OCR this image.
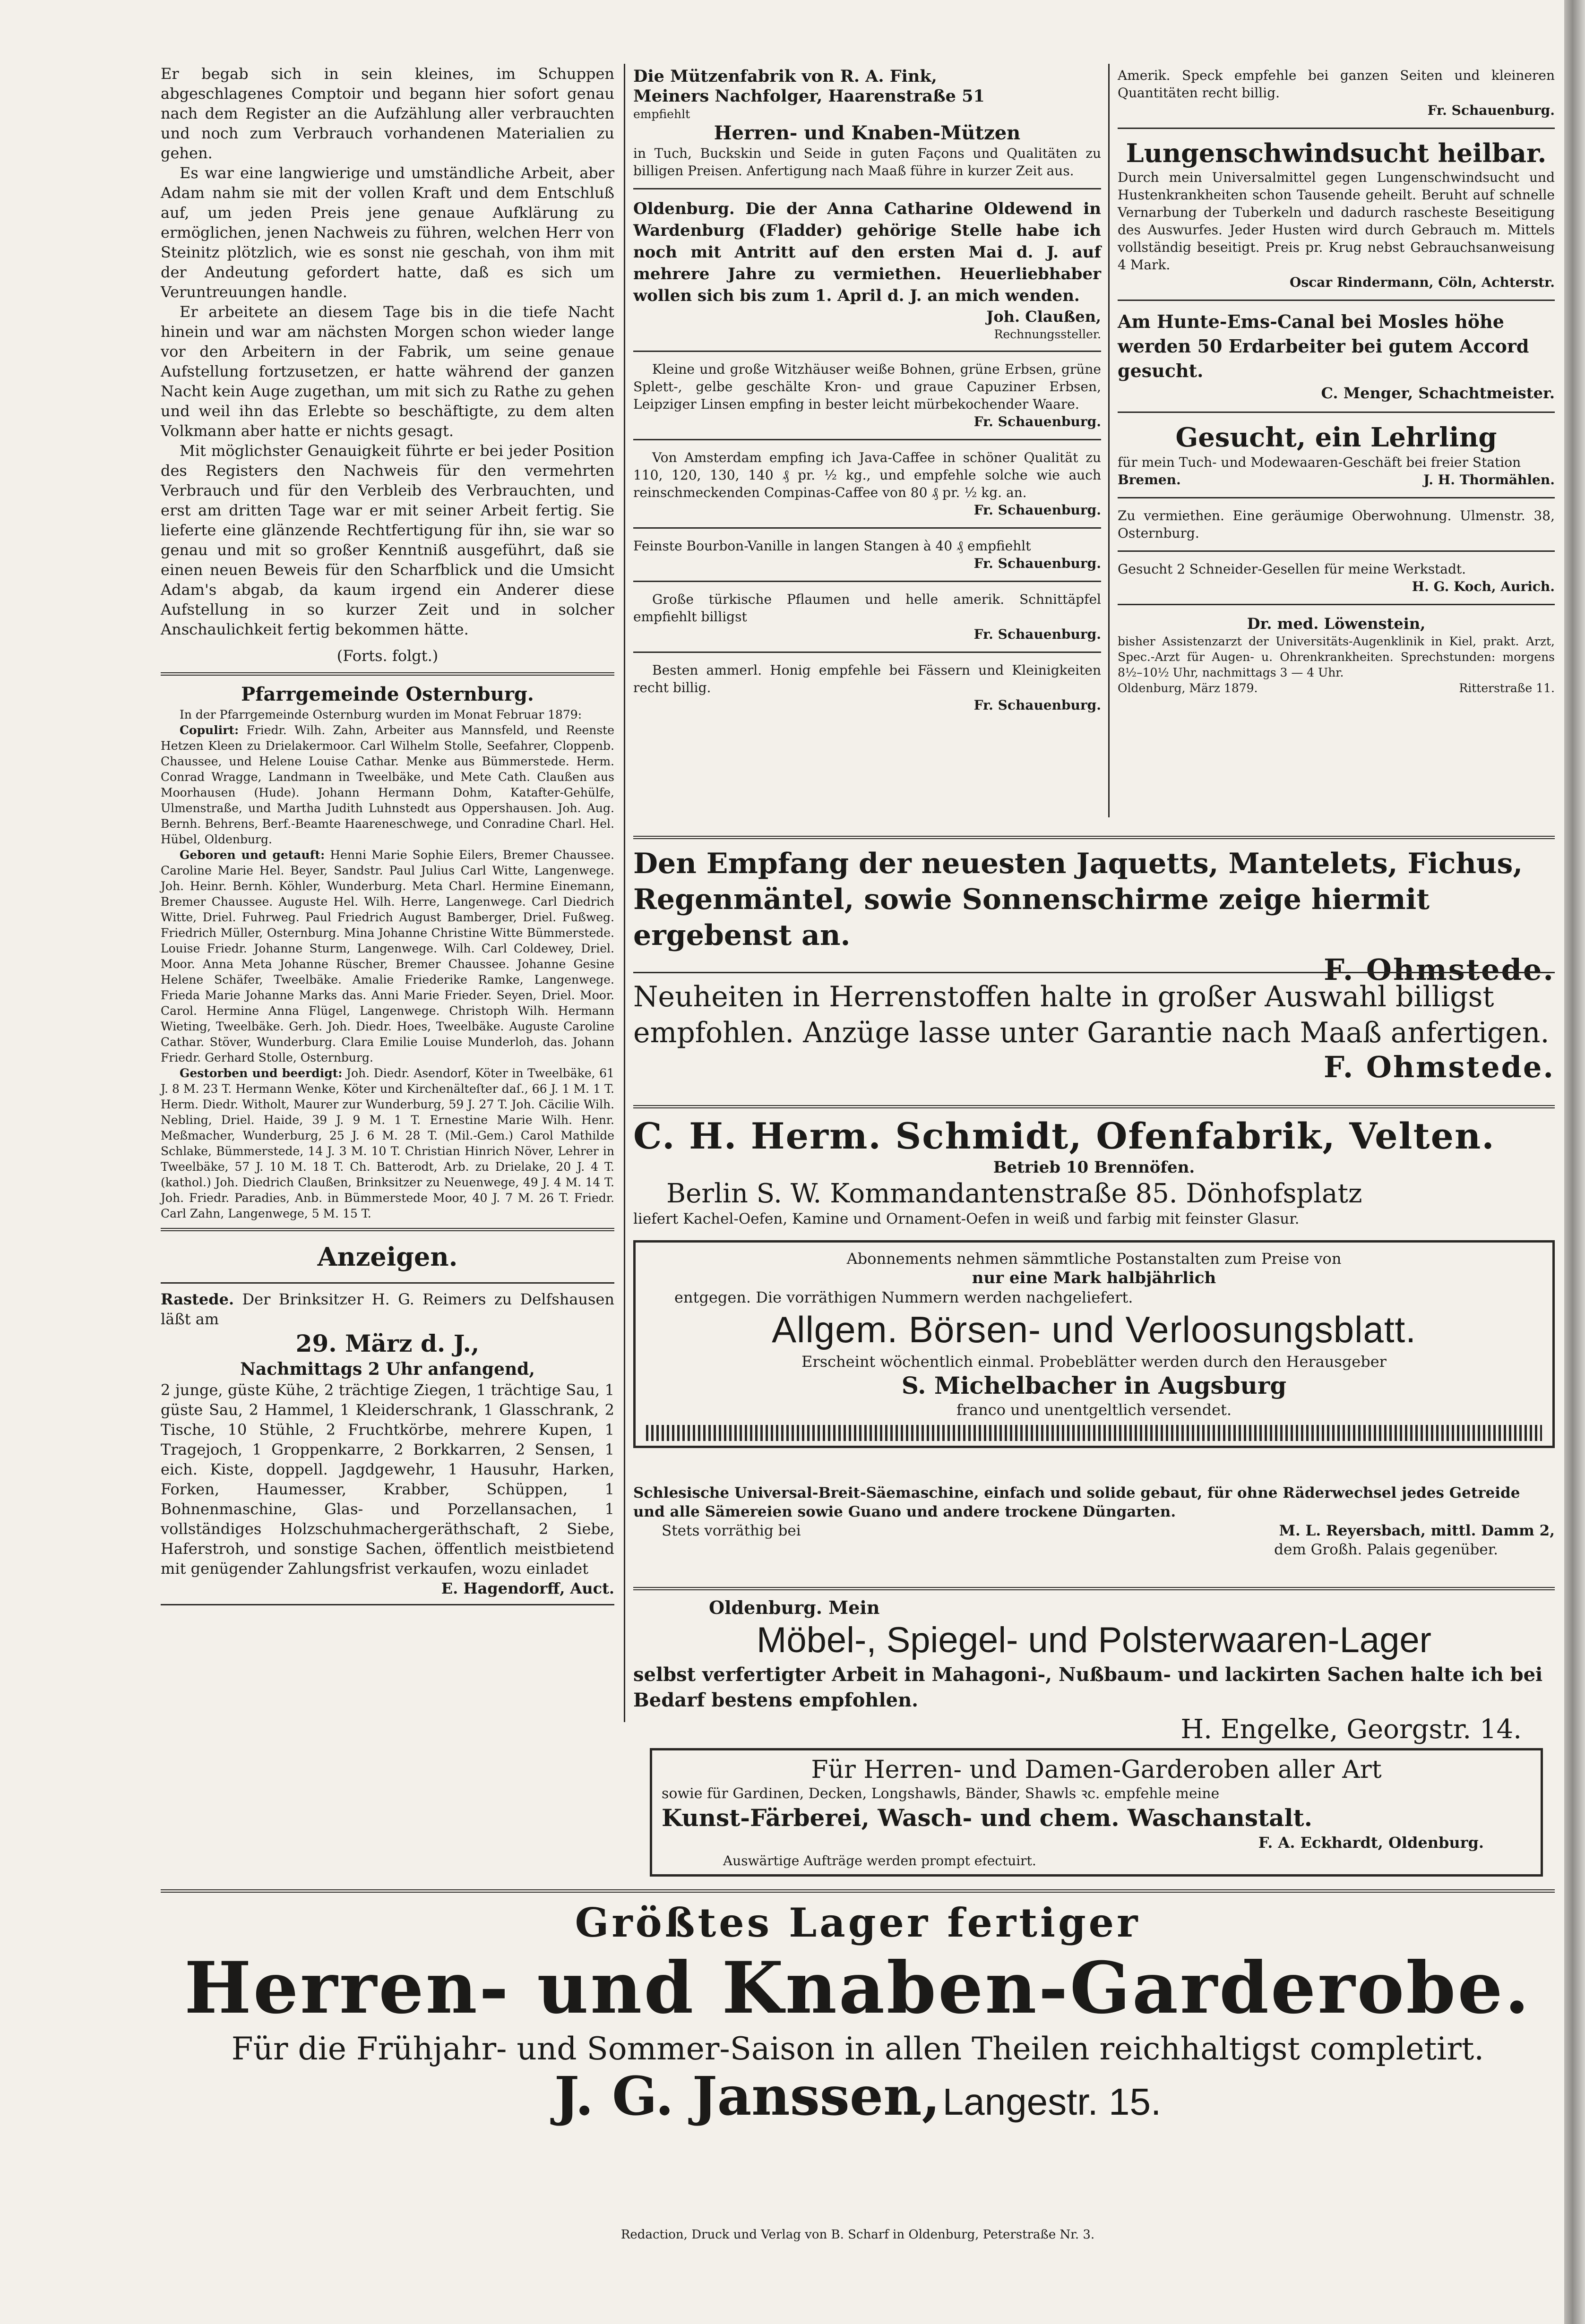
Er begab sich in sein kleines, im Schuppen abgeschlagenes Comptoir und begann hier sofort genau nach dem Register an die Aufzählung aller verbrauchten und noch zum Verbrauch vorhandenen Materialien zu gehen.

Es war eine langwierige und umständliche Arbeit, aber Adam nahm sie mit der vollen Kraft und dem Entschluß auf, um jeden Preis jene genaue Aufklärung zu ermöglichen, jenen Nachweis zu führen, welchen Herr von Steinitz plötzlich, wie es sonst nie geschah, von ihm mit der Andeutung gefordert hatte, daß es sich um Veruntreuungen handle.

Er arbeitete an diesem Tage bis in die tiefe Nacht hinein und war am nächsten Morgen schon wieder lange vor den Arbeitern in der Fabrik, um seine genaue Aufstellung fortzusetzen, er hatte während der ganzen Nacht kein Auge zugethan, um mit sich zu Rathe zu gehen und weil ihn das Erlebte so beschäftigte, zu dem alten Volkmann aber hatte er nichts gesagt.

Mit möglichster Genauigkeit führte er bei jeder Position des Registers den Nachweis für den vermehrten Verbrauch und für den Verbleib des Verbrauchten, und erst am dritten Tage war er mit seiner Arbeit fertig. Sie lieferte eine glänzende Rechtfertigung für ihn, sie war so genau und mit so großer Kenntniß ausgeführt, daß sie einen neuen Beweis für den Scharfblick und die Umsicht Adam's abgab, da kaum irgend ein Anderer diese Aufstellung in so kurzer Zeit und in solcher Anschaulichkeit fertig bekommen hätte.

(Forts. folgt.)

Pfarrgemeinde Osternburg.

In der Pfarrgemeinde Osternburg wurden im Monat Februar 1879:

Copulirt: Friedr. Wilh. Zahn, Arbeiter aus Mannsfeld, und Reenste Hetzen Kleen zu Drielakermoor. Carl Wilhelm Stolle, Seefahrer, Cloppenb. Chaussee, und Helene Louise Cathar. Menke aus Bümmerstede. Herm. Conrad Wragge, Landmann in Tweelbäke, und Mete Cath. Claußen aus Moorhausen (Hude). Johann Hermann Dohm, Katafter-Gehülfe, Ulmenstraße, und Martha Judith Luhnstedt aus Oppershausen. Joh. Aug. Bernh. Behrens, Berf.-Beamte Haareneschwege, und Conradine Charl. Hel. Hübel, Oldenburg.

Geboren und getauft: Henni Marie Sophie Eilers, Bremer Chaussee. Caroline Marie Hel. Beyer, Sandstr. Paul Julius Carl Witte, Langenwege. Joh. Heinr. Bernh. Köhler, Wunderburg. Meta Charl. Hermine Einemann, Bremer Chaussee. Auguste Hel. Wilh. Herre, Langenwege. Carl Diedrich Witte, Driel. Fuhrweg. Paul Friedrich August Bamberger, Driel. Fußweg. Friedrich Müller, Osternburg. Mina Johanne Christine Witte Bümmerstede. Louise Friedr. Johanne Sturm, Langenwege. Wilh. Carl Coldewey, Driel. Moor. Anna Meta Johanne Rüscher, Bremer Chaussee. Johanne Gesine Helene Schäfer, Tweelbäke. Amalie Friederike Ramke, Langenwege. Frieda Marie Johanne Marks das. Anni Marie Frieder. Seyen, Driel. Moor. Carol. Hermine Anna Flügel, Langenwege. Christoph Wilh. Hermann Wieting, Tweelbäke. Gerh. Joh. Diedr. Hoes, Tweelbäke. Auguste Caroline Cathar. Stöver, Wunderburg. Clara Emilie Louise Munderloh, das. Johann Friedr. Gerhard Stolle, Osternburg.

Gestorben und beerdigt: Joh. Diedr. Asendorf, Köter in Tweelbäke, 61 J. 8 M. 23 T. Hermann Wenke, Köter und Kirchenälteſter daſ., 66 J. 1 M. 1 T. Herm. Diedr. Witholt, Maurer zur Wunderburg, 59 J. 27 T. Joh. Cäcilie Wilh. Nebling, Driel. Haide, 39 J. 9 M. 1 T. Ernestine Marie Wilh. Henr. Meßmacher, Wunderburg, 25 J. 6 M. 28 T. (Mil.-Gem.) Carol Mathilde Schlake, Bümmerstede, 14 J. 3 M. 10 T. Christian Hinrich Növer, Lehrer in Tweelbäke, 57 J. 10 M. 18 T. Ch. Batterodt, Arb. zu Drielake, 20 J. 4 T. (kathol.) Joh. Diedrich Claußen, Brinksitzer zu Neuenwege, 49 J. 4 M. 14 T. Joh. Friedr. Paradies, Anb. in Bümmerstede Moor, 40 J. 7 M. 26 T. Friedr. Carl Zahn, Langenwege, 5 M. 15 T.

Anzeigen.

Rastede. Der Brinksitzer H. G. Reimers zu Delfshausen läßt am

29. März d. J.,
Nachmittags 2 Uhr anfangend,

2 junge, güste Kühe, 2 trächtige Ziegen, 1 trächtige Sau, 1 güste Sau, 2 Hammel, 1 Kleiderschrank, 1 Glasschrank, 2 Tische, 10 Stühle, 2 Fruchtkörbe, mehrere Kupen, 1 Tragejoch, 1 Groppenkarre, 2 Borkkarren, 2 Sensen, 1 eich. Kiste, doppell. Jagdgewehr, 1 Hausuhr, Harken, Forken, Haumesser, Krabber, Schüppen, 1 Bohnenmaschine, Glas- und Porzellansachen, 1 vollständiges Holzschuhmachergeräthschaft, 2 Siebe, Haferstroh, und sonstige Sachen, öffentlich meistbietend mit genügender Zahlungsfrist verkaufen, wozu einladet

E. Hagendorff, Auct.

Die Mützenfabrik von R. A. Fink,

Meiners Nachfolger, Haarenstraße 51

empfiehlt

Herren- und Knaben-Mützen

in Tuch, Buckskin und Seide in guten Façons und Qualitäten zu billigen Preisen. Anfertigung nach Maaß führe in kurzer Zeit aus.

Oldenburg. Die der Anna Catharine Oldewend in Wardenburg (Fladder) gehörige Stelle habe ich noch mit Antritt auf den ersten Mai d. J. auf mehrere Jahre zu vermiethen. Heuerliebhaber wollen sich bis zum 1. April d. J. an mich wenden.

Joh. Claußen,

Rechnungssteller.

Kleine und große Witzhäuser weiße Bohnen, grüne Erbsen, grüne Splett-, gelbe geschälte Kron- und graue Capuziner Erbsen, Leipziger Linsen empfing in bester leicht mürbekochender Waare.

Fr. Schauenburg.

Von Amsterdam empfing ich Java-Caffee in schöner Qualität zu 110, 120, 130, 140 ₰ pr. ½ kg., und empfehle solche wie auch reinschmeckenden Compinas-Caffee von 80 ₰ pr. ½ kg. an.

Fr. Schauenburg.

Feinste Bourbon-Vanille in langen Stangen à 40 ₰ empfiehlt

Fr. Schauenburg.

Große türkische Pflaumen und helle amerik. Schnittäpfel empfiehlt billigst

Fr. Schauenburg.

Besten ammerl. Honig empfehle bei Fässern und Kleinigkeiten recht billig.

Fr. Schauenburg.

Amerik. Speck empfehle bei ganzen Seiten und kleineren Quantitäten recht billig.

Fr. Schauenburg.

Lungenschwindsucht heilbar.

Durch mein Universalmittel gegen Lungenschwindsucht und Hustenkrankheiten schon Tausende geheilt. Beruht auf schnelle Vernarbung der Tuberkeln und dadurch rascheste Beseitigung des Auswurfes. Jeder Husten wird durch Gebrauch m. Mittels vollständig beseitigt. Preis pr. Krug nebst Gebrauchsanweisung 4 Mark.

Oscar Rindermann, Cöln, Achterstr.

Am Hunte-Ems-Canal bei Mosles höhe werden 50 Erdarbeiter bei gutem Accord gesucht.

C. Menger, Schachtmeister.

Gesucht, ein Lehrling

für mein Tuch- und Modewaaren-Geschäft bei freier Station

Bremen.	J. H. Thormählen.

Zu vermiethen. Eine geräumige Oberwohnung. Ulmenstr. 38, Osternburg.

Gesucht 2 Schneider-Gesellen für meine Werkstadt.

H. G. Koch, Aurich.

Dr. med. Löwenstein,

bisher Assistenzarzt der Universitäts-Augenklinik in Kiel, prakt. Arzt, Spec.-Arzt für Augen- u. Ohrenkrankheiten. Sprechstunden: morgens 8½–10½ Uhr, nachmittags 3 — 4 Uhr.

Oldenburg, März 1879.	Ritterstraße 11.

Den Empfang der neuesten Jaquetts, Mantelets, Fichus, Regenmäntel, sowie Sonnenschirme zeige hiermit ergebenst an.

F. Ohmstede.

Neuheiten in Herrenstoffen halte in großer Auswahl billigst empfohlen. Anzüge lasse unter Garantie nach Maaß anfertigen.

F. Ohmstede.

C. H. Herm. Schmidt, Ofenfabrik, Velten.

Betrieb 10 Brennöfen.

Berlin S. W. Kommandantenstraße 85. Dönhofsplatz

liefert Kachel-Oefen, Kamine und Ornament-Oefen in weiß und farbig mit feinster Glasur.

Abonnements nehmen sämmtliche Postanstalten zum Preise von

nur eine Mark halbjährlich

entgegen. Die vorräthigen Nummern werden nachgeliefert.

Allgem. Börsen- und Verloosungsblatt.

Erscheint wöchentlich einmal. Probeblätter werden durch den Herausgeber

S. Michelbacher in Augsburg

franco und unentgeltlich versendet.

Schlesische Universal-Breit-Säemaschine, einfach und solide gebaut, für ohne Räderwechsel jedes Getreide und alle Sämereien sowie Guano und andere trockene Düngarten.

Stets vorräthig bei	M. L. Reyersbach, mittl. Damm 2,

dem Großh. Palais gegenüber.

Oldenburg. Mein

Möbel-, Spiegel- und Polsterwaaren-Lager

selbst verfertigter Arbeit in Mahagoni-, Nußbaum- und lackirten Sachen halte ich bei Bedarf bestens empfohlen.

H. Engelke, Georgstr. 14.

Für Herren- und Damen-Garderoben aller Art

sowie für Gardinen, Decken, Longshawls, Bänder, Shawls ꝛc. empfehle meine

Kunst-Färberei, Wasch- und chem. Waschanstalt.

F. A. Eckhardt, Oldenburg.

Auswärtige Aufträge werden prompt efectuirt.

Größtes Lager fertiger

Herren- und Knaben-Garderobe.

Für die Frühjahr- und Sommer-Saison in allen Theilen reichhaltigst completirt.

J. G. Janssen, Langestr. 15.

Redaction, Druck und Verlag von B. Scharf in Oldenburg, Peterstraße Nr. 3.
